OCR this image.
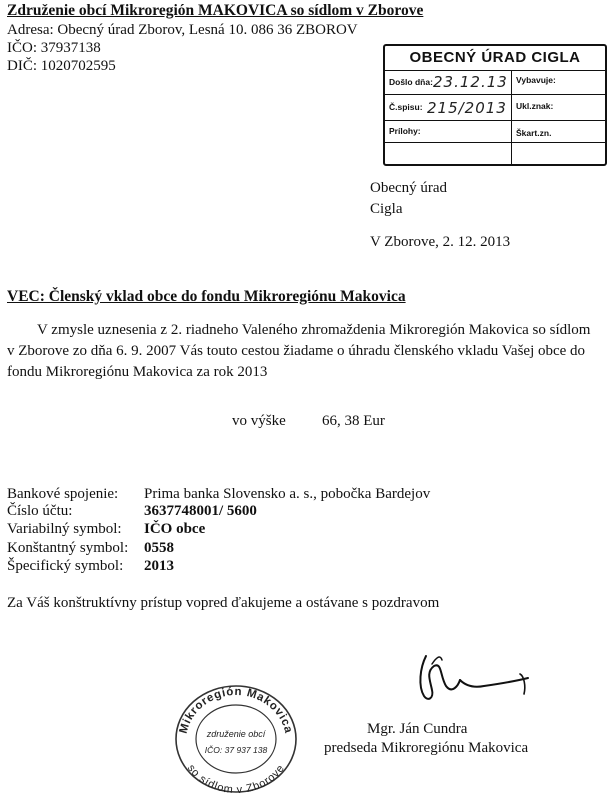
Združenie obcí Mikroregión MAKOVICA so sídlom v Zborove
Adresa: Obecný úrad Zborov, Lesná 10. 086 36 ZBOROV
IČO: 37937138
DIČ: 1020702595	OBECNÝ ÚRAD CIGLA
Došlo dňa: 23.12.13 Vybavuje:
Č.spisu: 215/2013 Ukl.znak:
Prílohy:	Škart.zn.
Obecný úrad
Cigla
V Zborove, 2. 12. 2013
VEC: Členský vklad obce do fondu Mikroregiónu Makovica
V zmysle uznesenia z 2. riadneho Valeného zhromaždenia Mikroregión Makovica so sídlom
v Zborove zo dňa 6. 9. 2007 Vás touto cestou žiadame o úhradu členského vkladu Vašej obce do
fondu Mikroregiónu Makovica za rok 2013
vo výške 66, 38 Eur
Bankové spojenie: Prima banka Slovensko a. s., pobočka Bardejov
Číslo účtu:	3637748001/ 5600
Variabilný symbol: IČO obce
Konštantný symbol: 0558
Špecifický symbol: 2013
Za Váš konštruktívny prístup vopred ďakujeme a ostávane s pozdravom
Mikroregión Makovica
so sídlom v Zborove
združenie obcí
IČO: 37 937 138
Mgr. Ján Cundra
predseda Mikroregiónu Makovica
